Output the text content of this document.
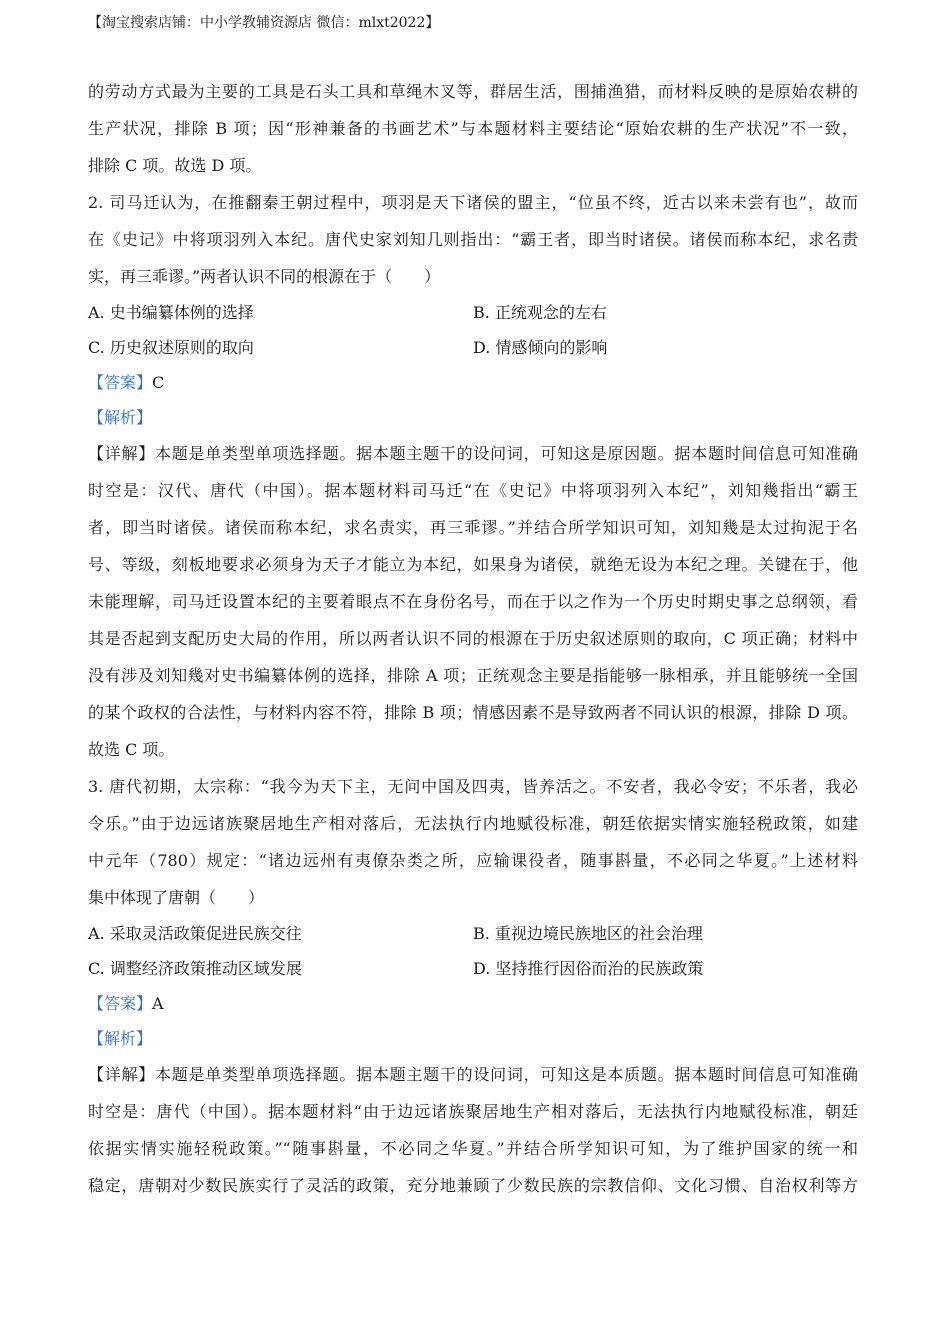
【淘宝搜索店铺：中小学教辅资源店 微信：mlxt2022】
的劳动方式最为主要的工具是石头工具和草绳木叉等，群居生活，围捕渔猎，而材料反映的是原始农耕的
生产状况，排除 B 项；因“形神兼备的书画艺术”与本题材料主要结论“原始农耕的生产状况”不一致，
排除 C 项。故选 D 项。
2. 司马迁认为，在推翻秦王朝过程中，项羽是天下诸侯的盟主，“位虽不终，近古以来未尝有也”，故而
在《史记》中将项羽列入本纪。唐代史家刘知几则指出：“霸王者，即当时诸侯。诸侯而称本纪，求名责
实，再三乖谬。”两者认识不同的根源在于（　　）
A. 史书编纂体例的选择	B. 正统观念的左右
C. 历史叙述原则的取向	D. 情感倾向的影响
【答案】C
【解析】
【详解】本题是单类型单项选择题。据本题主题干的设问词，可知这是原因题。据本题时间信息可知准确
时空是：汉代、唐代（中国）。据本题材料司马迁“在《史记》中将项羽列入本纪”，刘知幾指出“霸王
者，即当时诸侯。诸侯而称本纪，求名责实，再三乖谬。”并结合所学知识可知，刘知幾是太过拘泥于名
号、等级，刻板地要求必须身为天子才能立为本纪，如果身为诸侯，就绝无设为本纪之理。关键在于，他
未能理解，司马迁设置本纪的主要着眼点不在身份名号，而在于以之作为一个历史时期史事之总纲领，看
其是否起到支配历史大局的作用，所以两者认识不同的根源在于历史叙述原则的取向，C 项正确；材料中
没有涉及刘知幾对史书编纂体例的选择，排除 A 项；正统观念主要是指能够一脉相承，并且能够统一全国
的某个政权的合法性，与材料内容不符，排除 B 项；情感因素不是导致两者不同认识的根源，排除 D 项。
故选 C 项。
3. 唐代初期，太宗称：“我今为天下主，无问中国及四夷，皆养活之。不安者，我必令安；不乐者，我必
令乐。”由于边远诸族聚居地生产相对落后，无法执行内地赋役标准，朝廷依据实情实施轻税政策，如建
中元年（780）规定：“诸边远州有夷僚杂类之所，应输课役者，随事斟量，不必同之华夏。”上述材料
集中体现了唐朝（　　）
A. 采取灵活政策促进民族交往	B. 重视边境民族地区的社会治理
C. 调整经济政策推动区域发展	D. 坚持推行因俗而治的民族政策
【答案】A
【解析】
【详解】本题是单类型单项选择题。据本题主题干的设问词，可知这是本质题。据本题时间信息可知准确
时空是：唐代（中国）。据本题材料“由于边远诸族聚居地生产相对落后，无法执行内地赋役标准，朝廷
依据实情实施轻税政策。”“随事斟量，不必同之华夏。”并结合所学知识可知，为了维护国家的统一和
稳定，唐朝对少数民族实行了灵活的政策，充分地兼顾了少数民族的宗教信仰、文化习惯、自治权利等方
